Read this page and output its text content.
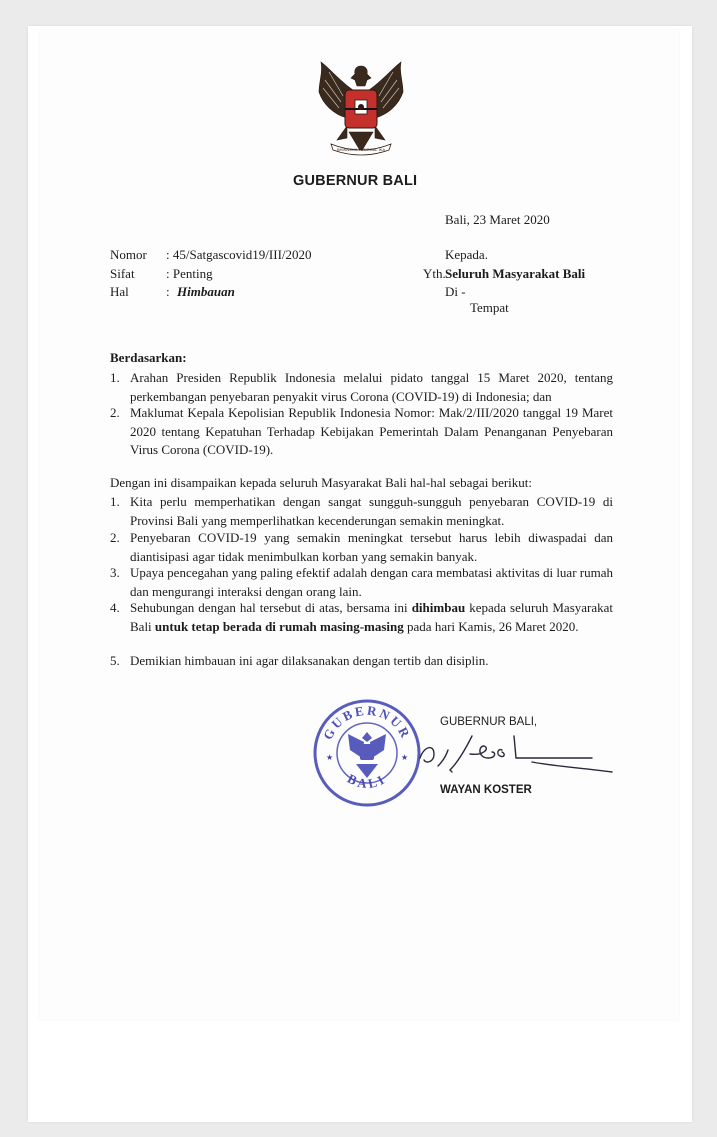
BHINNEKA TUNGGAL IKA
GUBERNUR BALI
Bali, 23 Maret 2020
Nomor : 45/Satgascovid19/III/2020
Sifat : Penting
Hal	: Himbauan
Kepada.
Yth. Seluruh Masyarakat Bali
Di -
Tempat
Berdasarkan:
1. Arahan Presiden Republik Indonesia melalui pidato tanggal 15 Maret 2020, tentang perkembangan penyebaran penyakit virus Corona (COVID-19) di Indonesia; dan
2. Maklumat Kepala Kepolisian Republik Indonesia Nomor: Mak/2/III/2020 tanggal 19 Maret 2020 tentang Kepatuhan Terhadap Kebijakan Pemerintah Dalam Penanganan Penyebaran Virus Corona (COVID-19).
Dengan ini disampaikan kepada seluruh Masyarakat Bali hal-hal sebagai berikut:
1. Kita perlu memperhatikan dengan sangat sungguh-sungguh penyebaran COVID-19 di Provinsi Bali yang memperlihatkan kecenderungan semakin meningkat.
2. Penyebaran COVID-19 yang semakin meningkat tersebut harus lebih diwaspadai dan diantisipasi agar tidak menimbulkan korban yang semakin banyak.
3. Upaya pencegahan yang paling efektif adalah dengan cara membatasi aktivitas di luar rumah dan mengurangi interaksi dengan orang lain.
4. Sehubungan dengan hal tersebut di atas, bersama ini dihimbau kepada seluruh Masyarakat Bali untuk tetap berada di rumah masing-masing pada hari Kamis, 26 Maret 2020.
5. Demikian himbauan ini agar dilaksanakan dengan tertib dan disiplin.
GUBERNUR BALI,
GUBERNUR
BALI
★	★
WAYAN KOSTER
